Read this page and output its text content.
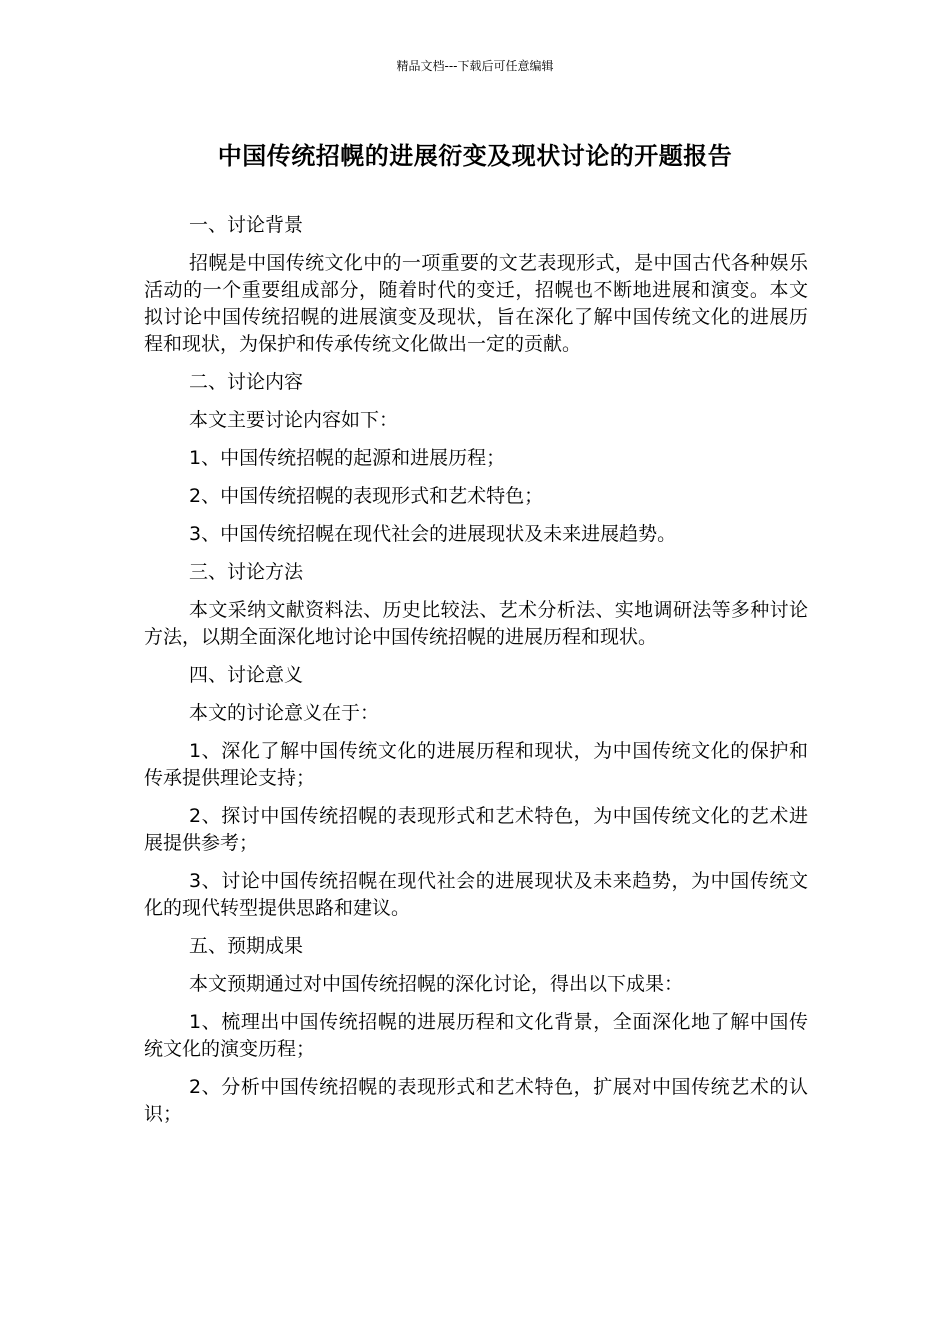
精品文档---下载后可任意编辑
中国传统招幌的进展衍变及现状讨论的开题报告

一、讨论背景

招幌是中国传统文化中的一项重要的文艺表现形式，是中国古代各种娱乐活动的一个重要组成部分，随着时代的变迁，招幌也不断地进展和演变。本文拟讨论中国传统招幌的进展演变及现状，旨在深化了解中国传统文化的进展历程和现状，为保护和传承传统文化做出一定的贡献。

二、讨论内容

本文主要讨论内容如下：

1、中国传统招幌的起源和进展历程；

2、中国传统招幌的表现形式和艺术特色；

3、中国传统招幌在现代社会的进展现状及未来进展趋势。

三、讨论方法

本文采纳文献资料法、历史比较法、艺术分析法、实地调研法等多种讨论方法，以期全面深化地讨论中国传统招幌的进展历程和现状。

四、讨论意义

本文的讨论意义在于：

1、深化了解中国传统文化的进展历程和现状，为中国传统文化的保护和传承提供理论支持；

2、探讨中国传统招幌的表现形式和艺术特色，为中国传统文化的艺术进展提供参考；

3、讨论中国传统招幌在现代社会的进展现状及未来趋势，为中国传统文化的现代转型提供思路和建议。

五、预期成果

本文预期通过对中国传统招幌的深化讨论，得出以下成果：

1、梳理出中国传统招幌的进展历程和文化背景，全面深化地了解中国传统文化的演变历程；

2、分析中国传统招幌的表现形式和艺术特色，扩展对中国传统艺术的认识；
